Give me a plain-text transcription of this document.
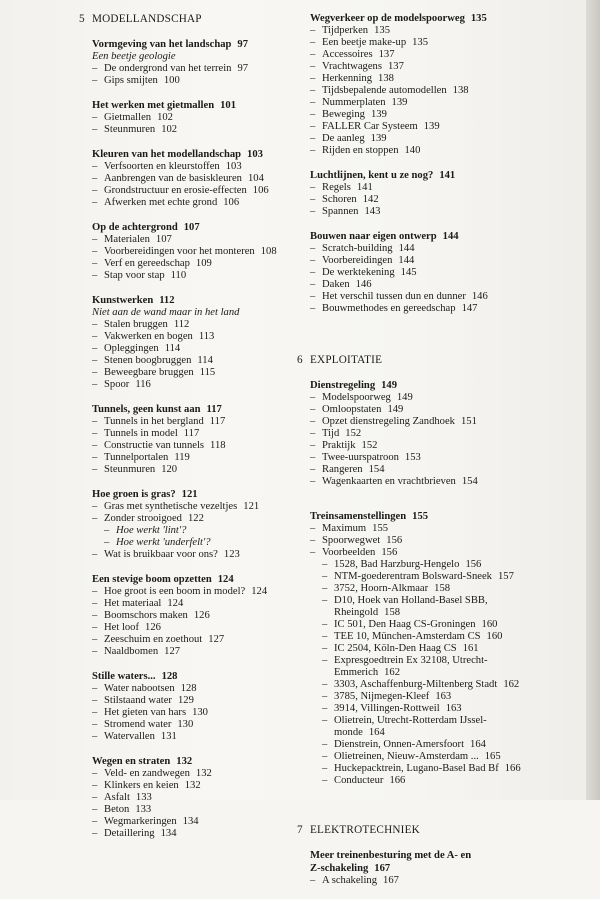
5 MODELLANDSCHAP
Vormgeving van het landschap 97
Een beetje geologie
– De ondergrond van het terrein 97
– Gips smijten 100
Het werken met gietmallen 101
– Gietmallen 102
– Steunmuren 102
Kleuren van het modellandschap 103
– Verfsoorten en kleurstoffen 103
– Aanbrengen van de basiskleuren 104
– Grondstructuur en erosie-effecten 106
– Afwerken met echte grond 106
Op de achtergrond 107
– Materialen 107
– Voorbereidingen voor het monteren 108
– Verf en gereedschap 109
– Stap voor stap 110
Kunstwerken 112
Niet aan de wand maar in het land
– Stalen bruggen 112
– Vakwerken en bogen 113
– Opleggingen 114
– Stenen boogbruggen 114
– Beweegbare bruggen 115
– Spoor 116
Tunnels, geen kunst aan 117
– Tunnels in het bergland 117
– Tunnels in model 117
– Constructie van tunnels 118
– Tunnelportalen 119
– Steunmuren 120
Hoe groen is gras? 121
– Gras met synthetische vezeltjes 121
– Zonder strooigoed 122
– Hoe werkt 'lint'?
– Hoe werkt 'underfelt'?
– Wat is bruikbaar voor ons? 123
Een stevige boom opzetten 124
– Hoe groot is een boom in model? 124
– Het materiaal 124
– Boomschors maken 126
– Het loof 126
– Zeeschuim en zoethout 127
– Naaldbomen 127
Stille waters... 128
– Water nabootsen 128
– Stilstaand water 129
– Het gieten van hars 130
– Stromend water 130
– Watervallen 131
Wegen en straten 132
– Veld- en zandwegen 132
– Klinkers en keien 132
– Asfalt 133
– Beton 133
– Wegmarkeringen 134
– Detaillering 134
Wegverkeer op de modelspoorweg 135
– Tijdperken 135
– Een beetje make-up 135
– Accessoires 137
– Vrachtwagens 137
– Herkenning 138
– Tijdsbepalende automodellen 138
– Nummerplaten 139
– Beweging 139
– FALLER Car Systeem 139
– De aanleg 139
– Rijden en stoppen 140
Luchtlijnen, kent u ze nog? 141
– Regels 141
– Schoren 142
– Spannen 143
Bouwen naar eigen ontwerp 144
– Scratch-building 144
– Voorbereidingen 144
– De werktekening 145
– Daken 146
– Het verschil tussen dun en dunner 146
– Bouwmethodes en gereedschap 147
6 EXPLOITATIE
Dienstregeling 149
– Modelspoorweg 149
– Omloopstaten 149
– Opzet dienstregeling Zandhoek 151
– Tijd 152
– Praktijk 152
– Twee-uurspatroon 153
– Rangeren 154
– Wagenkaarten en vrachtbrieven 154
Treinsamenstellingen 155
– Maximum 155
– Spoorwegwet 156
– Voorbeelden 156
– 1528, Bad Harzburg-Hengelo 156
– NTM-goederentram Bolsward-Sneek 157
– 3752, Hoorn-Alkmaar 158
– D10, Hoek van Holland-Basel SBB,
Rheingold 158
– IC 501, Den Haag CS-Groningen 160
– TEE 10, München-Amsterdam CS 160
– IC 2504, Köln-Den Haag CS 161
– Expresgoedtrein Ex 32108, Utrecht-
Emmerich 162
– 3303, Aschaffenburg-Miltenberg Stadt 162
– 3785, Nijmegen-Kleef 163
– 3914, Villingen-Rottweil 163
– Olietrein, Utrecht-Rotterdam IJssel-
monde 164
– Dienstrein, Onnen-Amersfoort 164
– Olietreinen, Nieuw-Amsterdam ... 165
– Huckepacktrein, Lugano-Basel Bad Bf 166
– Conducteur 166
7 ELEKTROTECHNIEK
Meer treinenbesturing met de A- en
Z-schakeling 167
– A schakeling 167
